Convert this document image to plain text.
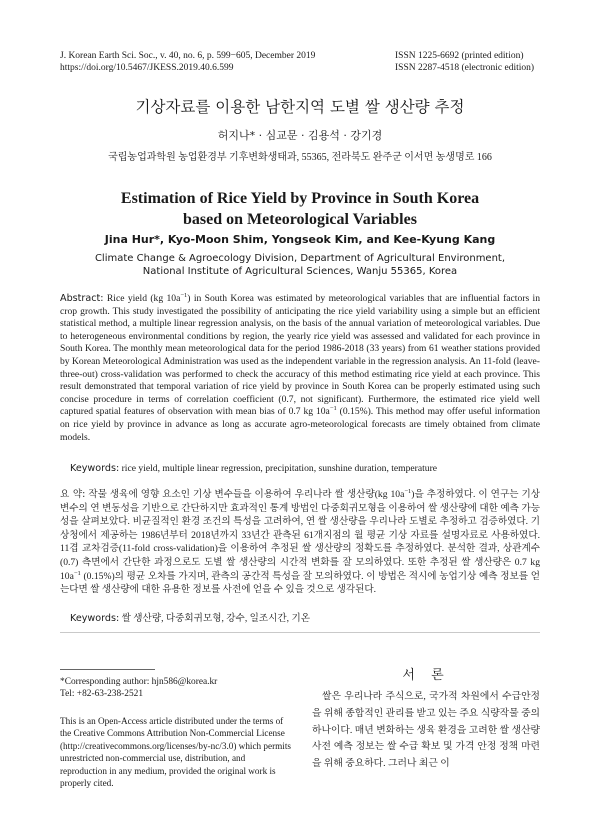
J. Korean Earth Sci. Soc., v. 40, no. 6, p. 599−605, December 2019
https://doi.org/10.5467/JKESS.2019.40.6.599
ISSN 1225-6692 (printed edition)
ISSN 2287-4518 (electronic edition)
기상자료를 이용한 남한지역 도별 쌀 생산량 추정
허지나* · 심교문 · 김용석 · 강기경
국립농업과학원 농업환경부 기후변화생태과, 55365, 전라북도 완주군 이서면 농생명로 166
Estimation of Rice Yield by Province in South Korea
based on Meteorological Variables
Jina Hur*, Kyo-Moon Shim, Yongseok Kim, and Kee-Kyung Kang
Climate Change & Agroecology Division, Department of Agricultural Environment,
National Institute of Agricultural Sciences, Wanju 55365, Korea
Abstract: Rice yield (kg $10a^{-1}$) in South Korea was estimated by meteorological variables that are influential factors in crop growth. This study investigated the possibility of anticipating the rice yield variability using a simple but an efficient statistical method, a multiple linear regression analysis, on the basis of the annual variation of meteorological variables. Due to heterogeneous environmental conditions by region, the yearly rice yield was assessed and validated for each province in South Korea. The monthly mean meteorological data for the period 1986-2018 (33 years) from 61 weather stations provided by Korean Meteorological Administration was used as the independent variable in the regression analysis. An 11-fold (leave-three-out) cross-validation was performed to check the accuracy of this method estimating rice yield at each province. This result demonstrated that temporal variation of rice yield by province in South Korea can be properly estimated using such concise procedure in terms of correlation coefficient (0.7, not significant). Furthermore, the estimated rice yield well captured spatial features of observation with mean bias of 0.7 kg $10a^{-1}$ (0.15%). This method may offer useful information on rice yield by province in advance as long as accurate agro-meteorological forecasts are timely obtained from climate models.
Keywords: rice yield, multiple linear regression, precipitation, sunshine duration, temperature
요 약: 작물 생육에 영향 요소인 기상 변수들을 이용하여 우리나라 쌀 생산량(kg $10a^{-1}$)을 추정하였다. 이 연구는 기상 변수의 연 변동성을 기반으로 간단하지만 효과적인 통계 방법인 다중회귀모형을 이용하여 쌀 생산량에 대한 예측 가능성을 살펴보았다. 비균질적인 환경 조건의 특성을 고려하여, 연 쌀 생산량을 우리나라 도별로 추정하고 검증하였다. 기상청에서 제공하는 1986년부터 2018년까지 33년간 관측된 61개지점의 월 평균 기상 자료를 설명자료로 사용하였다. 11겹 교차검증(11-fold cross-validation)을 이용하여 추정된 쌀 생산량의 정확도를 추정하였다. 분석한 결과, 상관계수(0.7) 측면에서 간단한 과정으로도 도별 쌀 생산량의 시간적 변화를 잘 모의하였다. 또한 추정된 쌀 생산량은 0.7 kg $10a^{-1}$ (0.15%)의 평균 오차를 가지며, 관측의 공간적 특성을 잘 모의하였다. 이 방법은 적시에 농업기상 예측 정보를 얻는다면 쌀 생산량에 대한 유용한 정보를 사전에 얻을 수 있을 것으로 생각된다.
Keywords: 쌀 생산량, 다중회귀모형, 강수, 일조시간, 기온
*Corresponding author: hjn586@korea.kr
Tel: +82-63-238-2521
This is an Open-Access article distributed under the terms of the Creative Commons Attribution Non-Commercial License (http://creativecommons.org/licenses/by-nc/3.0) which permits unrestricted non-commercial use, distribution, and reproduction in any medium, provided the original work is properly cited.
서 론
쌀은 우리나라 주식으로, 국가적 차원에서 수급안정을 위해 종합적인 관리를 받고 있는 주요 식량작물 중의 하나이다. 매년 변화하는 생육 환경을 고려한 쌀 생산량 사전 예측 정보는 쌀 수급 확보 및 가격 안정 정책 마련을 위해 중요하다. 그러나 최근 이
